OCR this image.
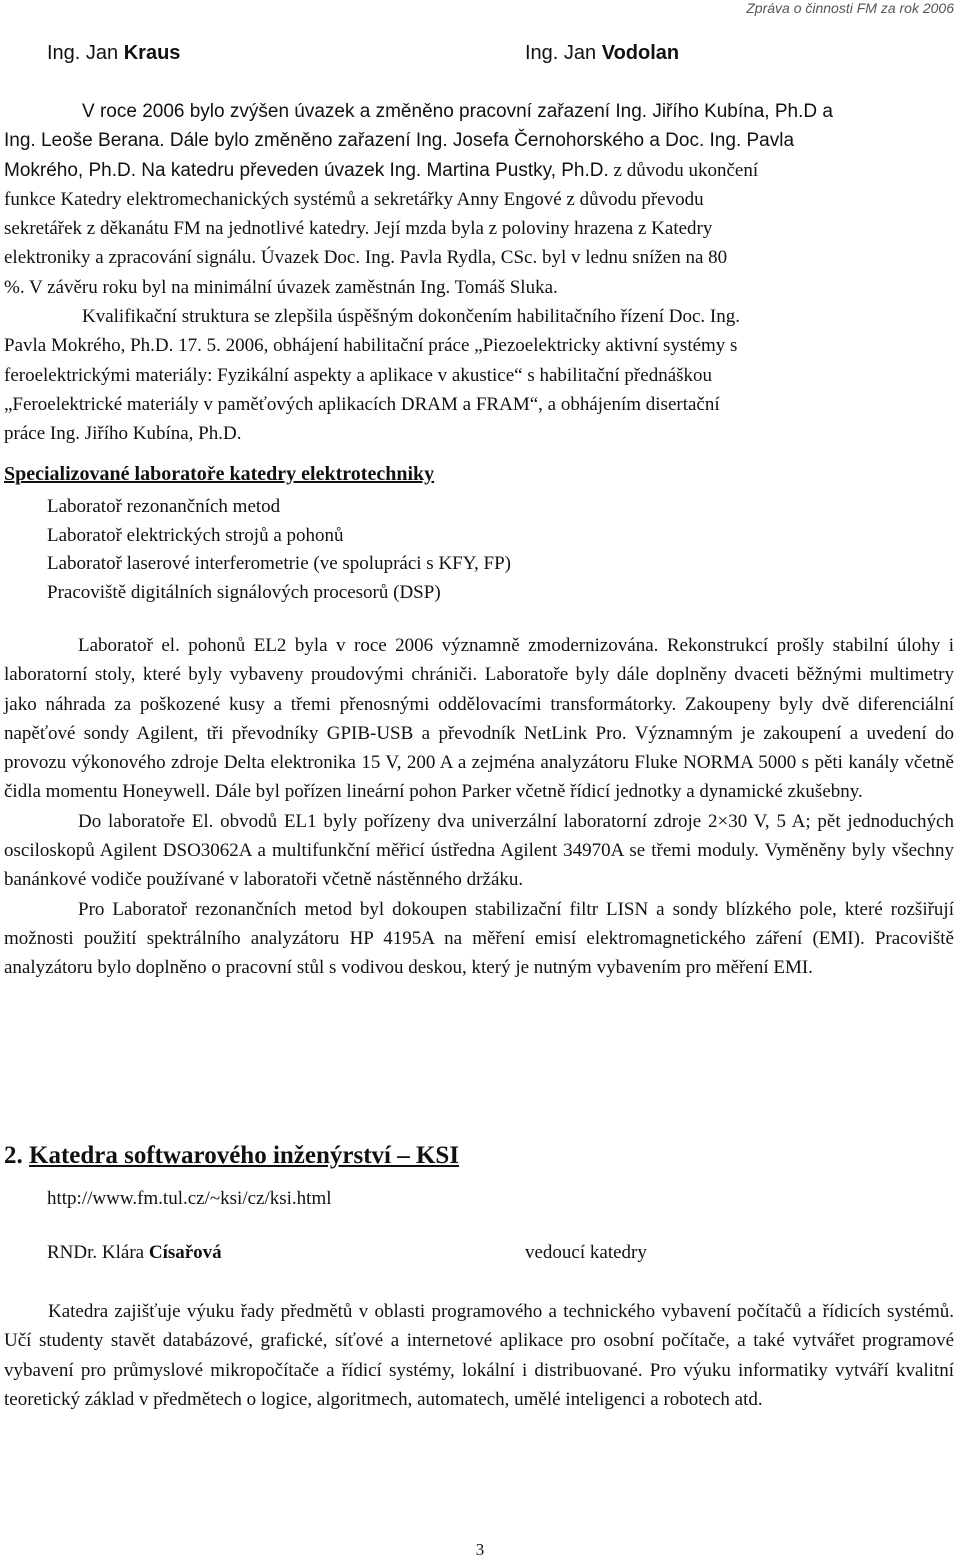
Zpráva o činnosti FM za rok 2006
Ing. Jan Kraus	Ing. Jan Vodolan
V roce 2006 bylo zvýšen úvazek a změněno pracovní zařazení Ing. Jiřího Kubína, Ph.D a
Ing. Leoše Berana. Dále bylo změněno zařazení Ing. Josefa Černohorského a Doc. Ing. Pavla
Mokrého, Ph.D. Na katedru převeden úvazek Ing. Martina Pustky, Ph.D. z důvodu ukončení
funkce Katedry elektromechanických systémů a sekretářky Anny Engové z důvodu převodu
sekretářek z děkanátu FM na jednotlivé katedry. Její mzda byla z poloviny hrazena z Katedry
elektroniky a zpracování signálu. Úvazek Doc. Ing. Pavla Rydla, CSc. byl v lednu snížen na 80
%. V závěru roku byl na minimální úvazek zaměstnán Ing. Tomáš Sluka.
Kvalifikační struktura se zlepšila úspěšným dokončením habilitačního řízení Doc. Ing.
Pavla Mokrého, Ph.D. 17. 5. 2006, obhájení habilitační práce „Piezoelektricky aktivní systémy s
feroelektrickými materiály: Fyzikální aspekty a aplikace v akustice“ s habilitační přednáškou
„Feroelektrické materiály v paměťových aplikacích DRAM a FRAM“, a obhájením disertační
práce Ing. Jiřího Kubína, Ph.D.
Specializované laboratoře katedry elektrotechniky
Laboratoř rezonančních metod
Laboratoř elektrických strojů a pohonů
Laboratoř laserové interferometrie (ve spolupráci s KFY, FP)
Pracoviště digitálních signálových procesorů (DSP)

Laboratoř el. pohonů EL2 byla v roce 2006 významně zmodernizována. Rekonstrukcí prošly stabilní úlohy i laboratorní stoly, které byly vybaveny proudovými chrániči. Laboratoře byly dále doplněny dvaceti běžnými multimetry jako náhrada za poškozené kusy a třemi přenosnými oddělovacími transformátorky. Zakoupeny byly dvě diferenciální napěťové sondy Agilent, tři převodníky GPIB-USB a převodník NetLink Pro. Významným je zakoupení a uvedení do provozu výkonového zdroje Delta elektronika 15 V, 200 A a zejména analyzátoru Fluke NORMA 5000 s pěti kanály včetně čidla momentu Honeywell. Dále byl pořízen lineární pohon Parker včetně řídicí jednotky a dynamické zkušebny.

Do laboratoře El. obvodů EL1 byly pořízeny dva univerzální laboratorní zdroje 2×30 V, 5 A; pět jednoduchých osciloskopů Agilent DSO3062A a multifunkční měřicí ústředna Agilent 34970A se třemi moduly. Vyměněny byly všechny banánkové vodiče používané v laboratoři včetně nástěnného držáku.

Pro Laboratoř rezonančních metod byl dokoupen stabilizační filtr LISN a sondy blízkého pole, které rozšiřují možnosti použití spektrálního analyzátoru HP 4195A na měření emisí elektromagnetického záření (EMI). Pracoviště analyzátoru bylo doplněno o pracovní stůl s vodivou deskou, který je nutným vybavením pro měření EMI.

2. Katedra softwarového inženýrství – KSI
http://www.fm.tul.cz/~ksi/cz/ksi.html
RNDr. Klára Císařová	vedoucí katedry

Katedra zajišťuje výuku řady předmětů v oblasti programového a technického vybavení počítačů a řídicích systémů. Učí studenty stavět databázové, grafické, síťové a internetové aplikace pro osobní počítače, a také vytvářet programové vybavení pro průmyslové mikropočítače a řídicí systémy, lokální i distribuované. Pro výuku informatiky vytváří kvalitní teoretický základ v předmětech o logice, algoritmech, automatech, umělé inteligenci a robotech atd.

3
